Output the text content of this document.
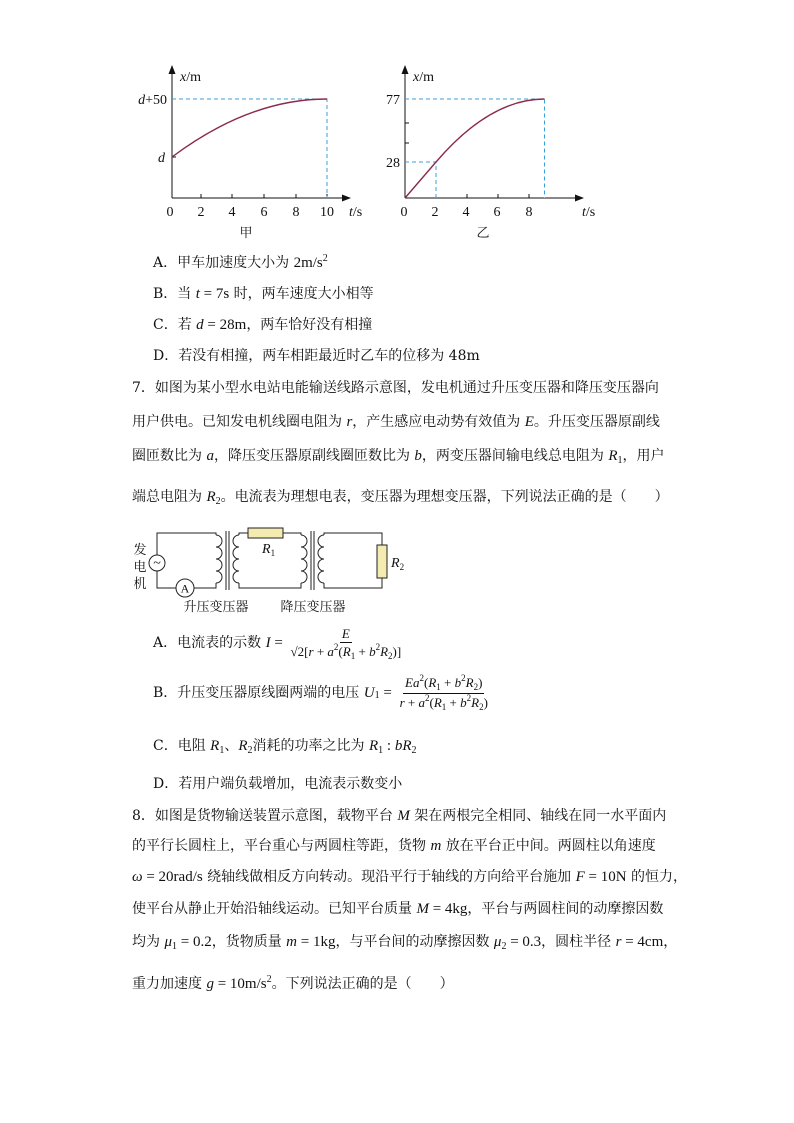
x/m
d+50
d
0 2 4 6 8 10 t/s
甲
x/m
77
28
0 2 4 6 8	t/s
乙
发
电
机
~
A
$R_1$
$R_2$
升压变压器 降压变压器
A．甲车加速度大小为 2m/s 2
B．当 t = 7s 时，两车速度大小相等
C．若 d = 28m ，两车恰好没有相撞
D．若没有相撞，两车相距最近时乙车的位移为 48m
7．如图为某小型水电站电能输送线路示意图，发电机通过升压变压器和降压变压器向
用户供电。已知发电机线圈电阻为 r ，产生感应电动势有效值为 E 。升压变压器原副线
圈匝数比为 a ，降压变压器原副线圈匝数比为 b ，两变压器间输电线总电阻为 R 1 ，用户
端总电阻为 R 2 。电流表为理想电表，变压器为理想变压器，下列说法正确的是（　　）
A．电流表的示数 I =
E
√2 [ r + a 2 ( R 1 + b 2 R 2 )]
B．升压变压器原线圈两端的电压 U 1 =
E a 2 ( R 1 + b 2 R 2 )
r + a 2 ( R 1 + b 2 R 2 )
C．电阻 R 1 、 R 2 消耗的功率之比为 R 1 : b R 2
D．若用户端负载增加，电流表示数变小
8．如图是货物输送装置示意图，载物平台 M 架在两根完全相同、轴线在同一水平面内
的平行长圆柱上，平台重心与两圆柱等距，货物 m 放在平台正中间。两圆柱以角速度
ω = 20rad/s 绕轴线做相反方向转动。现沿平行于轴线的方向给平台施加 F = 10N 的恒力，
使平台从静止开始沿轴线运动。已知平台质量 M = 4kg ，平台与两圆柱间的动摩擦因数
均为 μ 1 = 0.2 ，货物质量 m = 1kg ，与平台间的动摩擦因数 μ 2 = 0.3 ，圆柱半径 r = 4cm ，
重力加速度 g = 10m/s 2 。下列说法正确的是（　　）
